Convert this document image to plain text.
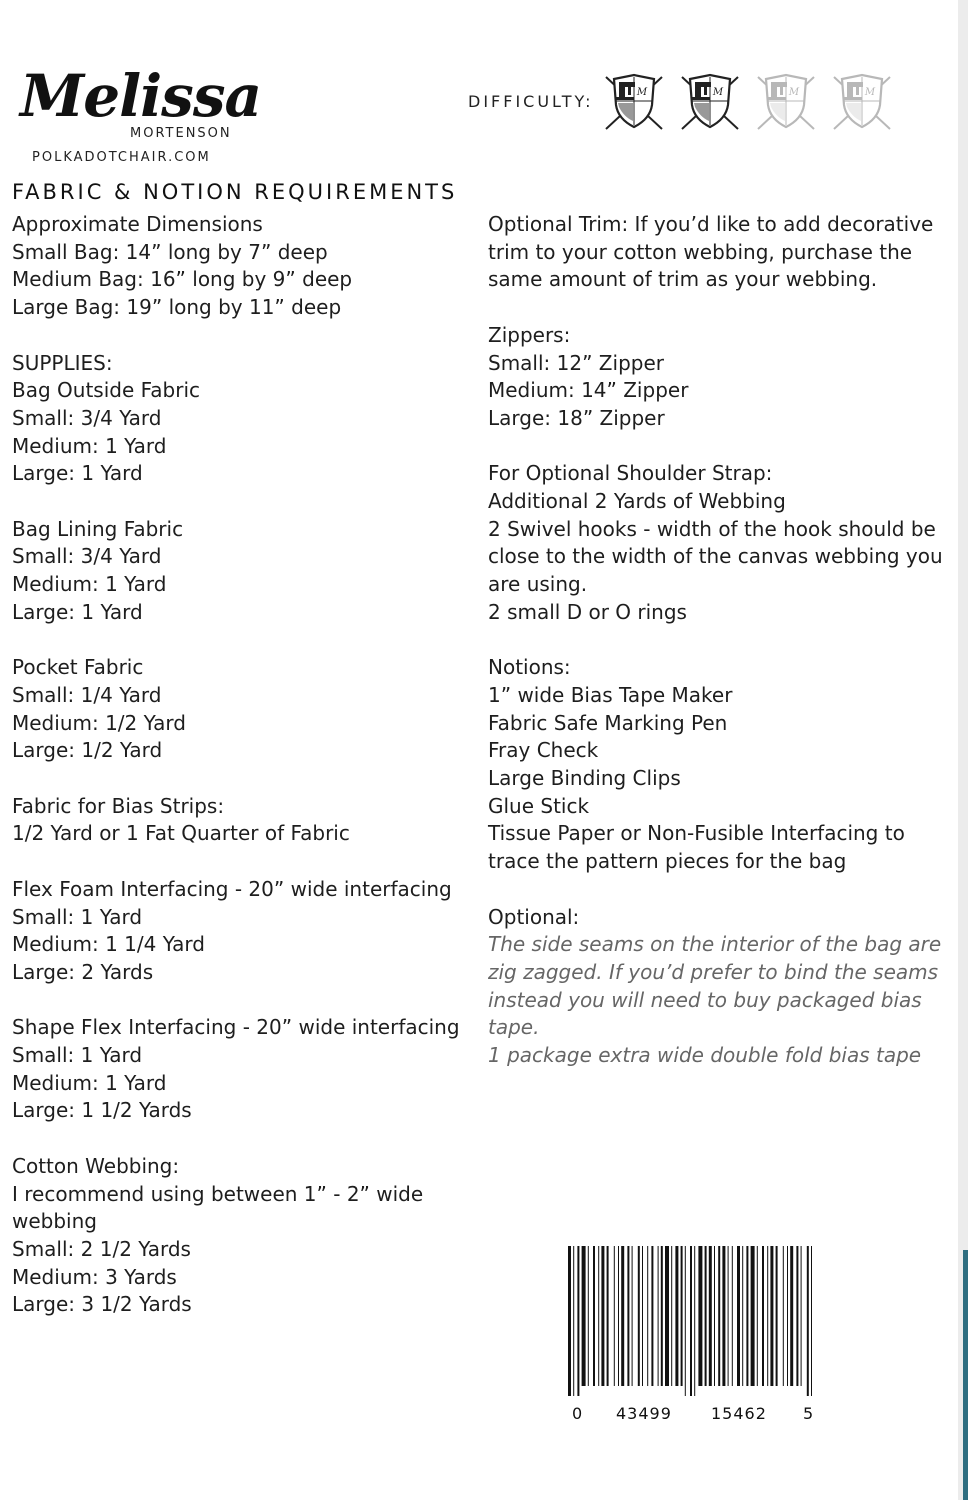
Melissa
MORTENSON
POLKADOTCHAIR.COM
DIFFICULTY:	M	M	M	M
FABRIC & NOTION REQUIREMENTS
Approximate Dimensions
Small Bag: 14” long by 7” deep
Medium Bag: 16” long by 9” deep
Large Bag: 19” long by 11” deep
SUPPLIES:
Bag Outside Fabric
Small: 3/4 Yard
Medium: 1 Yard
Large: 1 Yard
Bag Lining Fabric
Small: 3/4 Yard
Medium: 1 Yard
Large: 1 Yard
Pocket Fabric
Small: 1/4 Yard
Medium: 1/2 Yard
Large: 1/2 Yard
Fabric for Bias Strips:
1/2 Yard or 1 Fat Quarter of Fabric
Flex Foam Interfacing - 20” wide interfacing
Small: 1 Yard
Medium: 1 1/4 Yard
Large: 2 Yards
Shape Flex Interfacing - 20” wide interfacing
Small: 1 Yard
Medium: 1 Yard
Large: 1 1/2 Yards
Cotton Webbing:
I recommend using between 1” - 2” wide
webbing
Small: 2 1/2 Yards
Medium: 3 Yards
Large: 3 1/2 Yards
Optional Trim: If you’d like to add decorative
trim to your cotton webbing, purchase the
same amount of trim as your webbing.
Zippers:
Small: 12” Zipper
Medium: 14” Zipper
Large: 18” Zipper
For Optional Shoulder Strap:
Additional 2 Yards of Webbing
2 Swivel hooks - width of the hook should be
close to the width of the canvas webbing you
are using.
2 small D or O rings
Notions:
1” wide Bias Tape Maker
Fabric Safe Marking Pen
Fray Check
Large Binding Clips
Glue Stick
Tissue Paper or Non-Fusible Interfacing to
trace the pattern pieces for the bag
Optional:
The side seams on the interior of the bag are
zig zagged. If you’d prefer to bind the seams
instead you will need to buy packaged bias
tape.
1 package extra wide double fold bias tape
0 43499 15462 5
